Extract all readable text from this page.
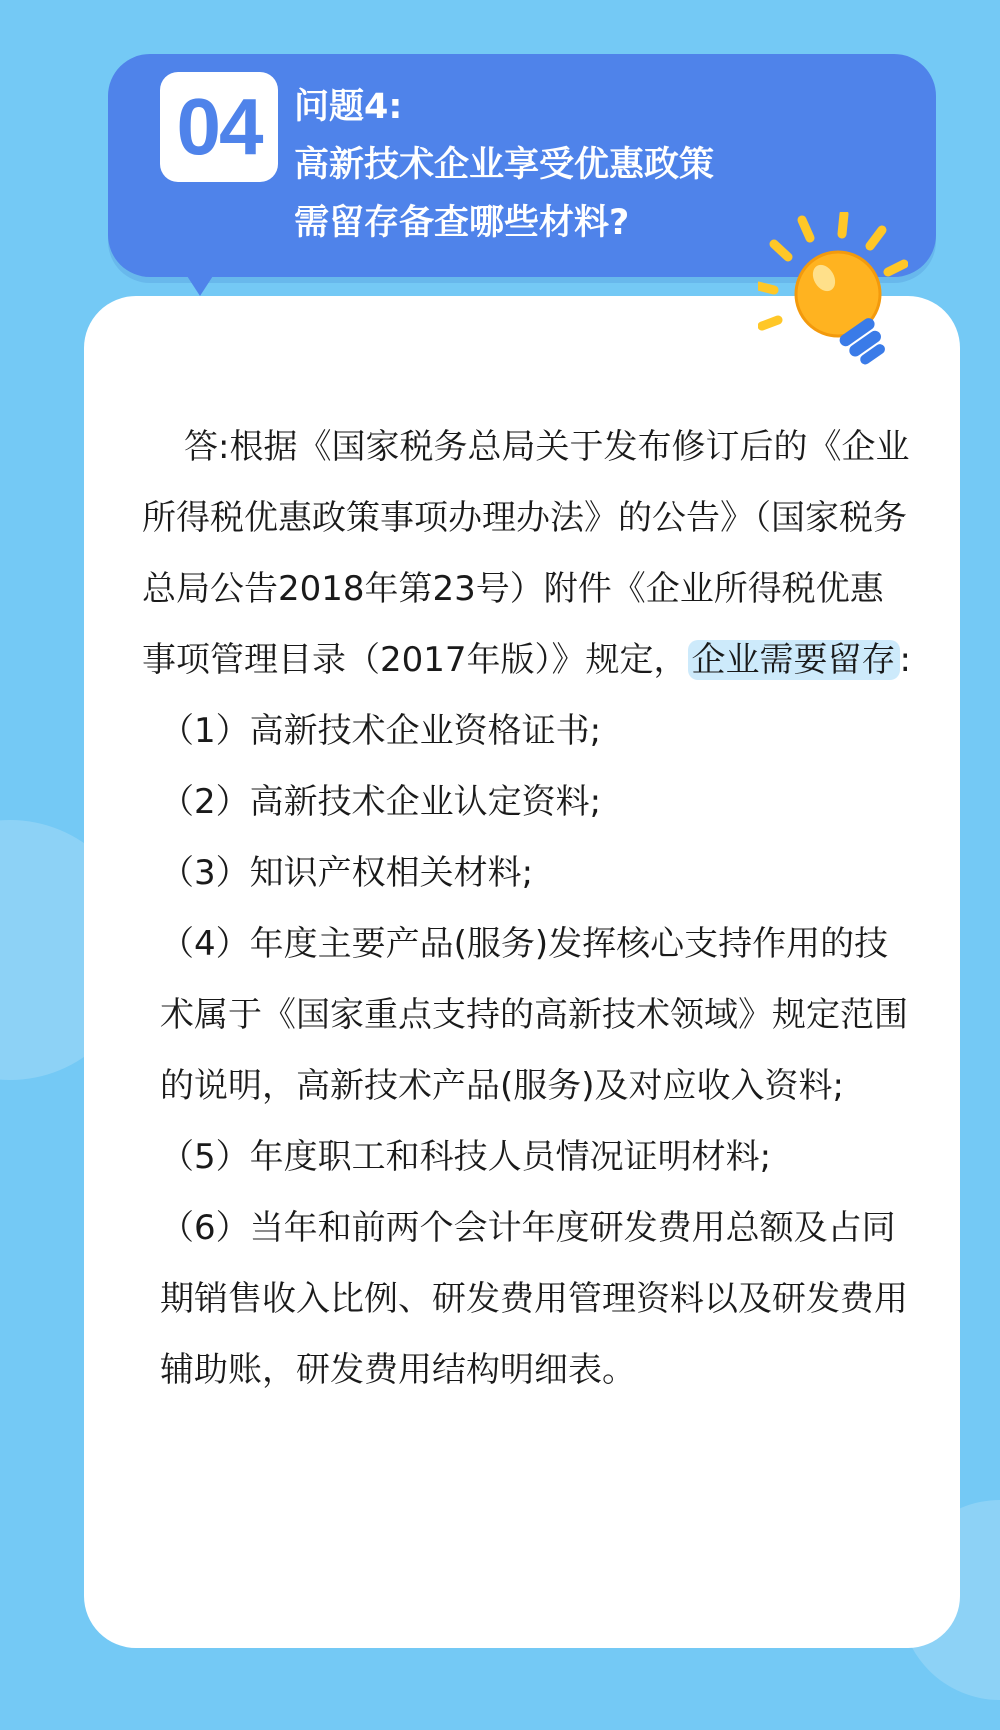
04 问题4:
高新技术企业享受优惠政策
需留存备查哪些材料?

答:根据《国家税务总局关于发布修订后的《企业所得税优惠政策事项办理办法》的公告》（国家税务总局公告2018年第23号）附件《企业所得税优惠事项管理目录（2017年版）》规定， 企业需要留存 :

（1）高新技术企业资格证书;

（2）高新技术企业认定资料;

（3）知识产权相关材料;

（4）年度主要产品(服务)发挥核心支持作用的技术属于《国家重点支持的高新技术领域》规定范围的说明，高新技术产品(服务)及对应收入资料;

（5）年度职工和科技人员情况证明材料;

（6）当年和前两个会计年度研发费用总额及占同期销售收入比例、研发费用管理资料以及研发费用辅助账，研发费用结构明细表。
